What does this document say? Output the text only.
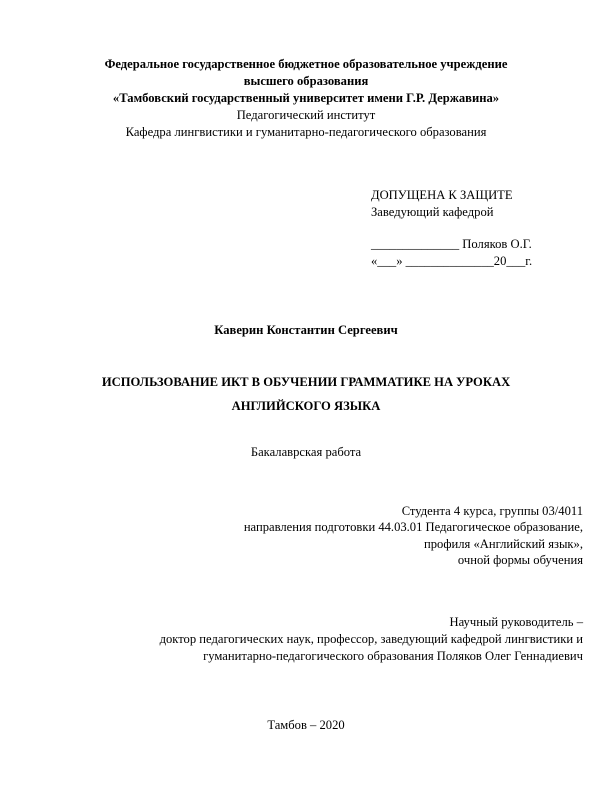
Федеральное государственное бюджетное образовательное учреждение
высшего образования
«Тамбовский государственный университет имени Г.Р. Державина»
Педагогический институт
Кафедра лингвистики и гуманитарно-педагогического образования
ДОПУЩЕНА К ЗАЩИТЕ
Заведующий кафедрой
______________ Поляков О.Г.
«___» ______________20___г.
Каверин Константин Сергеевич
ИСПОЛЬЗОВАНИЕ ИКТ В ОБУЧЕНИИ ГРАММАТИКЕ НА УРОКАХ
АНГЛИЙСКОГО ЯЗЫКА
Бакалаврская работа
Студента 4 курса, группы 03/4011
направления подготовки 44.03.01 Педагогическое образование,
профиля «Английский язык»,
очной формы обучения
Научный руководитель –
доктор педагогических наук, профессор, заведующий кафедрой лингвистики и
гуманитарно-педагогического образования Поляков Олег Геннадиевич
Тамбов – 2020
